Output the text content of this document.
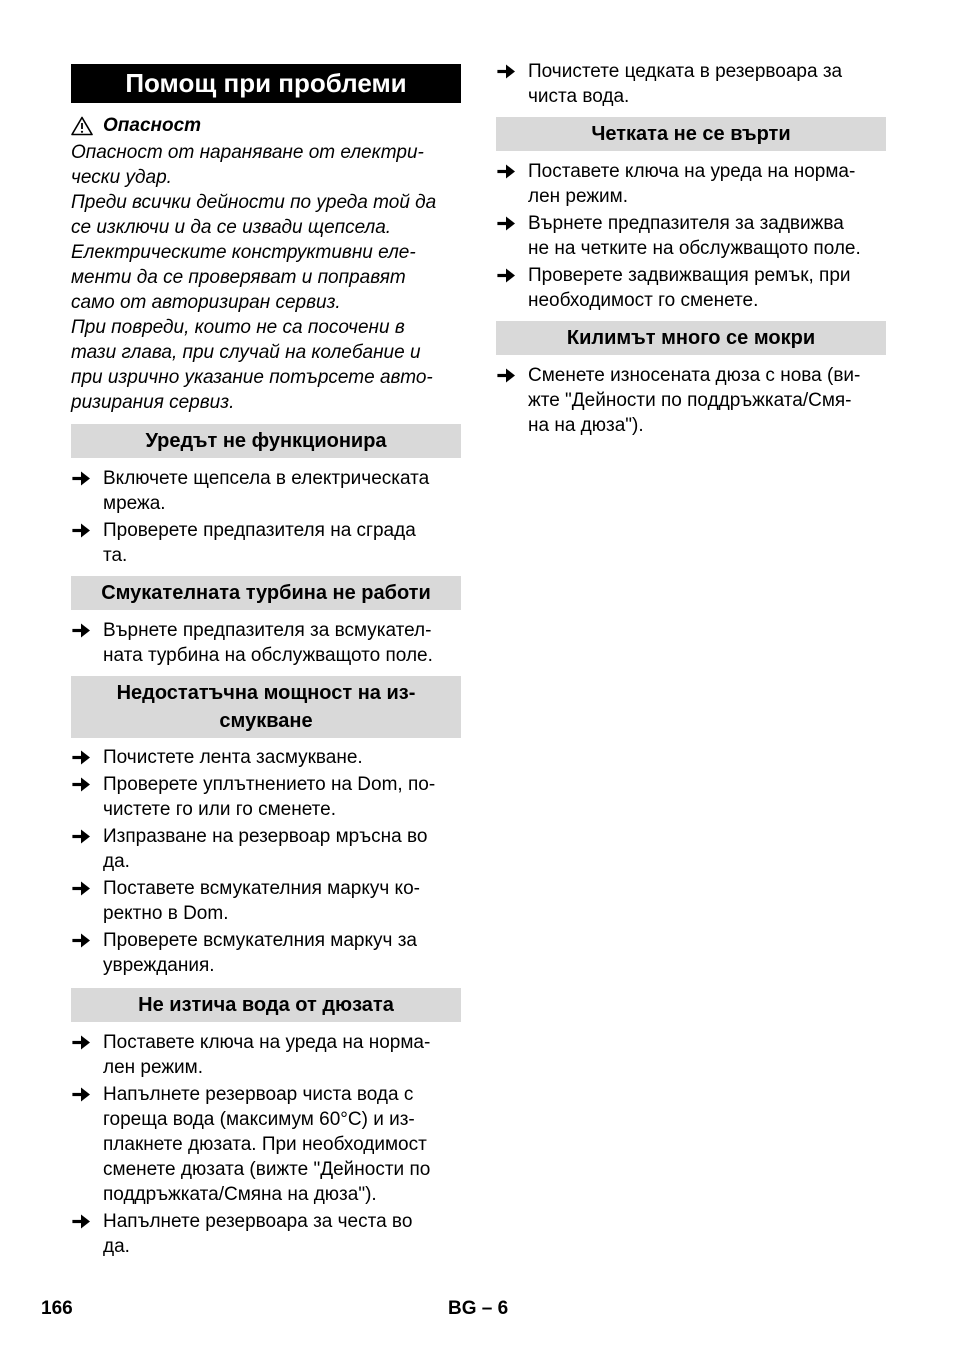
Помощ при проблеми
Опасност
Опасност от нараняване от електри-
чески удар.
Преди всички дейности по уреда той да
се изключи и да се извади щепсела.
Електрическите конструктивни еле-
менти да се проверяват и поправят
само от авторизиран сервиз.
При повреди, които не са посочени в
тази глава, при случай на колебание и
при изрично указание потърсете авто-
ризирания сервиз.
Уредът не функционира
Включете щепсела в електрическата
мрежа.
Проверете предпазителя на сграда
та.
Смукателната турбина не работи
Върнете предпазителя за всмукател-
ната турбина на обслужващото поле.
Недостатъчна мощност на из-
смукване
Почистете лента засмукване.
Проверете уплътнението на Dom, по-
чистете го или го сменете.
Изпразване на резервоар мръсна во
да.
Поставете всмукателния маркуч ко-
ректно в Dom.
Проверете всмукателния маркуч за
увреждания.
Не изтича вода от дюзата
Поставете ключа на уреда на норма-
лен режим.
Напълнете резервоар чиста вода с
гореща вода (максимум 60°C) и из-
плакнете дюзата. При необходимост
сменете дюзата (вижте "Дейности по
поддръжката/Смяна на дюза").
Напълнете резервоара за честа во
да.
Почистете цедката в резервоара за
чиста вода.
Четката не се върти
Поставете ключа на уреда на норма-
лен режим.
Върнете предпазителя за задвижва
не на четките на обслужващото поле.
Проверете задвижващия ремък, при
необходимост го сменете.
Килимът много се мокри
Сменете износената дюза с нова (ви-
жте "Дейности по поддръжката/Смя-
на на дюза").
166	BG – 6
